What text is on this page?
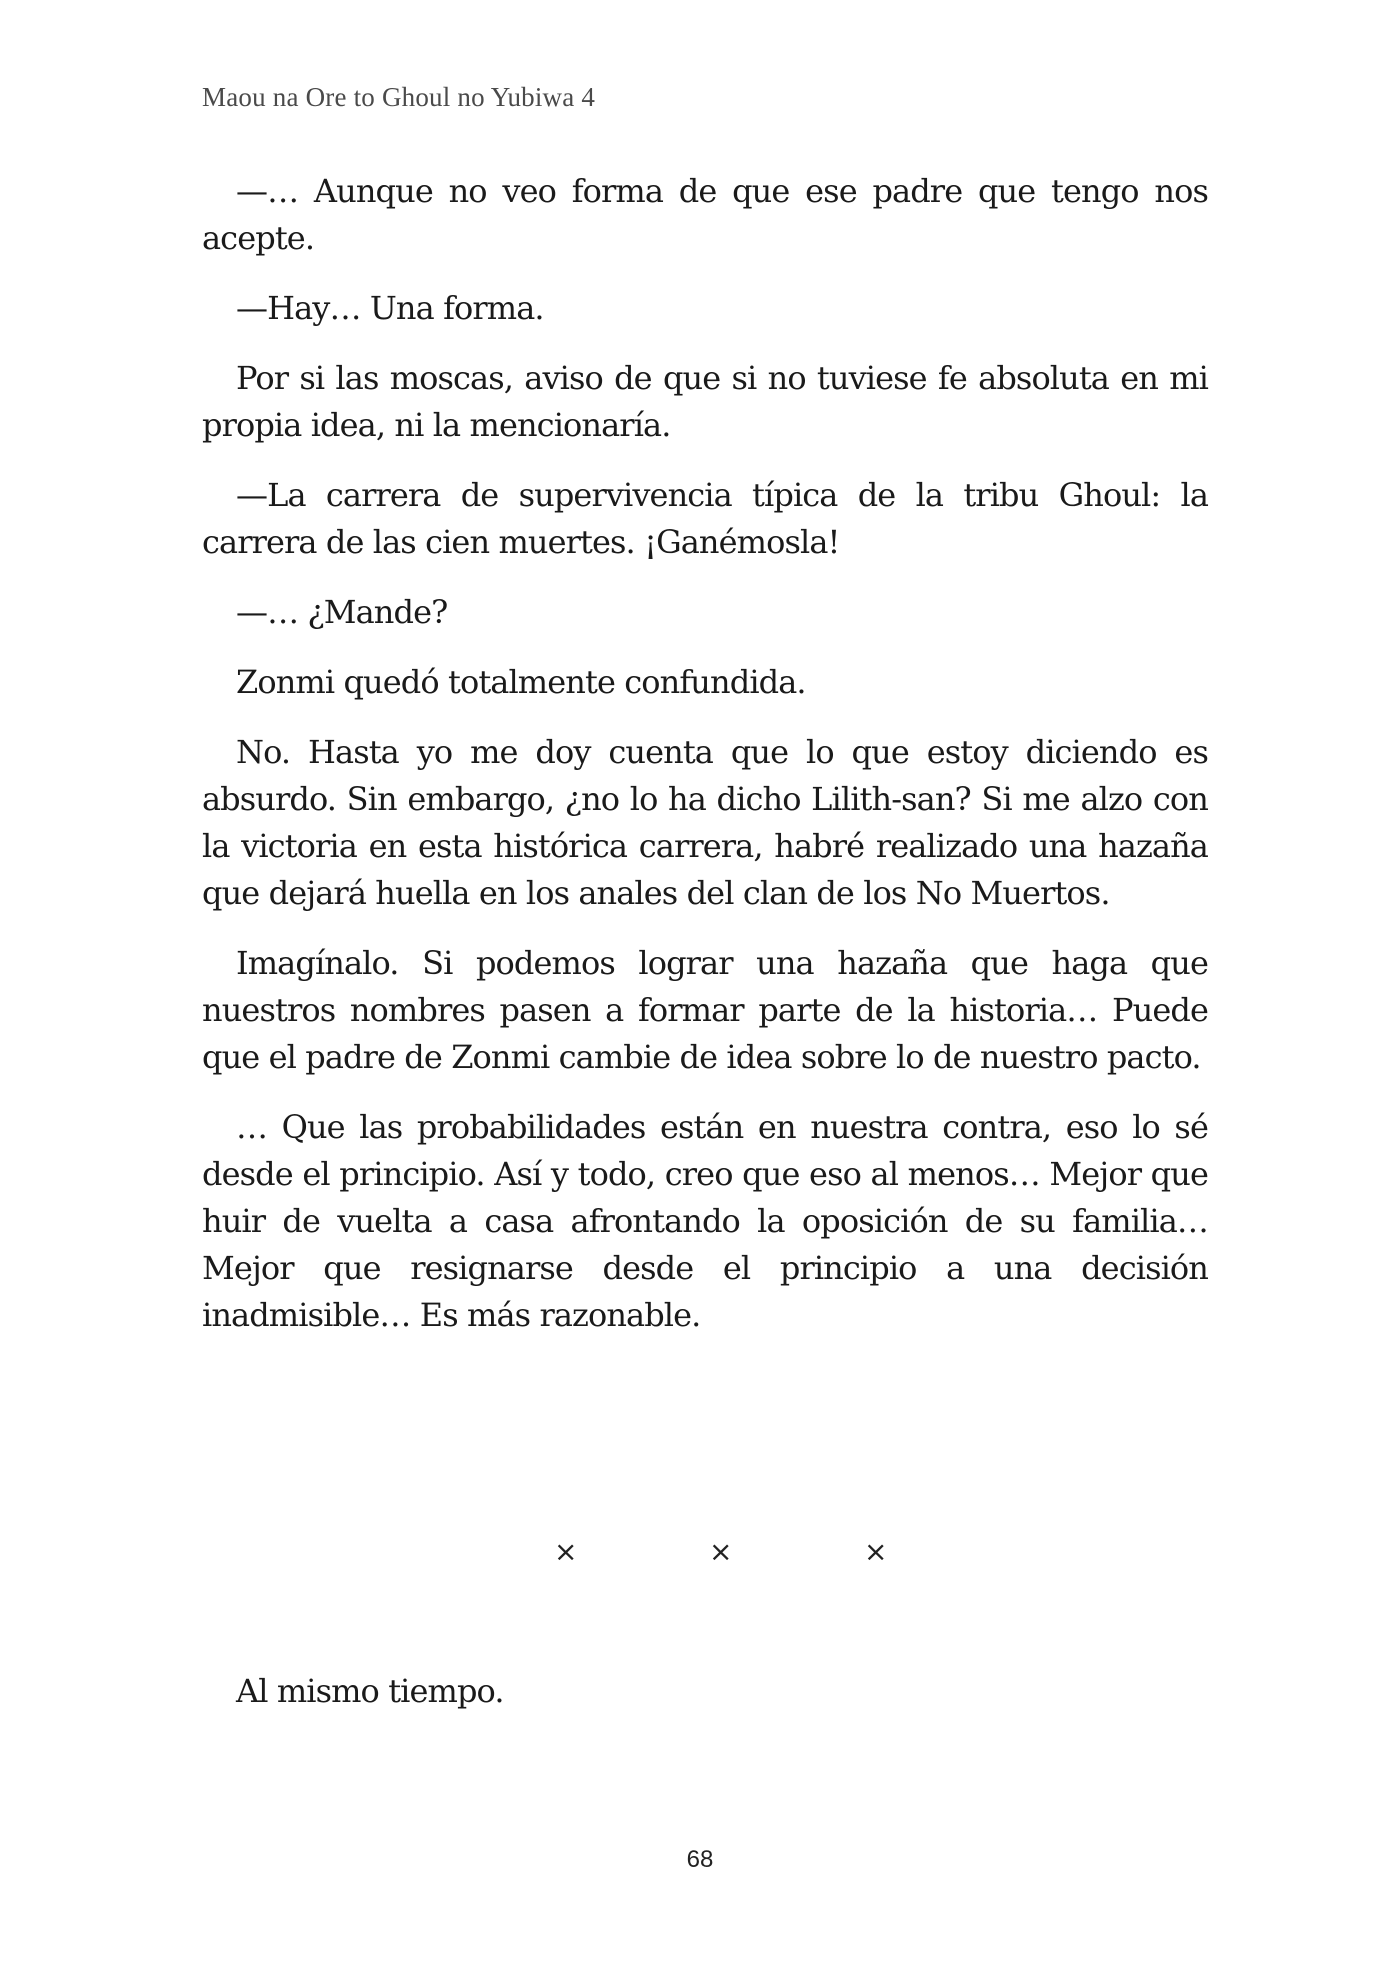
Maou na Ore to Ghoul no Yubiwa 4

—… Aunque no veo forma de que ese padre que tengo nos acepte.

—Hay… Una forma.

Por si las moscas, aviso de que si no tuviese fe absoluta en mi propia idea, ni la mencionaría.

—La carrera de supervivencia típica de la tribu Ghoul: la carrera de las cien muertes. ¡Ganémosla!

—… ¿Mande?

Zonmi quedó totalmente confundida.

No. Hasta yo me doy cuenta que lo que estoy diciendo es absurdo. Sin embargo, ¿no lo ha dicho Lilith-san? Si me alzo con la victoria en esta histórica carrera, habré realizado una hazaña que dejará huella en los anales del clan de los No Muertos.

Imagínalo. Si podemos lograr una hazaña que haga que nuestros nombres pasen a formar parte de la historia… Puede que el padre de Zonmi cambie de idea sobre lo de nuestro pacto.

… Que las probabilidades están en nuestra contra, eso lo sé desde el principio. Así y todo, creo que eso al menos… Mejor que huir de vuelta a casa afrontando la oposición de su familia… Mejor que resignarse desde el principio a una decisión inadmisible… Es más razonable.

×	×	×
Al mismo tiempo.
68
